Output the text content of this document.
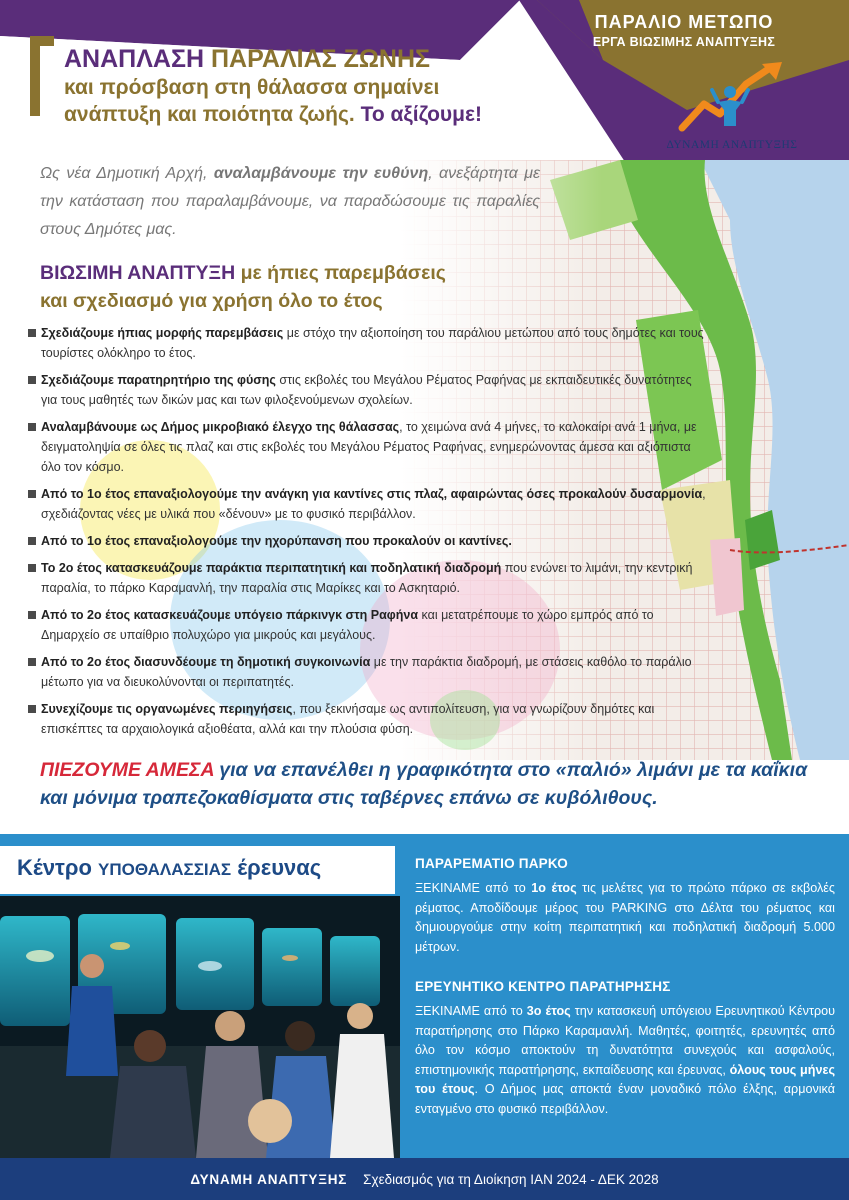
ΠΑΡΑΛΙΟ ΜΕΤΩΠΟ
ΕΡΓΑ ΒΙΩΣΙΜΗΣ ΑΝΑΠΤΥΞΗΣ
ΔΥΝΑΜΗ ΑΝΑΠΤΥΞΗΣ
ΑΝΑΠΛΑΣΗ ΠΑΡΑΛΙΑΣ ΖΩΝΗΣ
και πρόσβαση στη θάλασσα σημαίνει
ανάπτυξη και ποιότητα ζωής. Το αξίζουμε!
Ως νέα Δημοτική Αρχή, αναλαμβάνουμε την ευθύνη, ανεξάρτητα με την κατάσταση που παραλαμβάνουμε, να παραδώσουμε τις παραλίες στους Δημότες μας.
ΒΙΩΣΙΜΗ ΑΝΑΠΤΥΞΗ με ήπιες παρεμβάσεις
και σχεδιασμό για χρήση όλο το έτος
Σχεδιάζουμε ήπιας μορφής παρεμβάσεις με στόχο την αξιοποίηση του παράλιου μετώπου από τους δημότες και τους τουρίστες ολόκληρο το έτος.
Σχεδιάζουμε παρατηρητήριο της φύσης στις εκβολές του Μεγάλου Ρέματος Ραφήνας με εκπαιδευτικές δυνατότητες για τους μαθητές των δικών μας και των φιλοξενούμενων σχολείων.
Αναλαμβάνουμε ως Δήμος μικροβιακό έλεγχο της θάλασσας, το χειμώνα ανά 4 μήνες, το καλοκαίρι ανά 1 μήνα, με δειγματοληψία σε όλες τις πλαζ και στις εκβολές του Μεγάλου Ρέματος Ραφήνας, ενημερώνοντας άμεσα και αξιόπιστα όλο τον κόσμο.
Από το 1ο έτος επαναξιολογούμε την ανάγκη για καντίνες στις πλαζ, αφαιρώντας όσες προκαλούν δυσαρμονία, σχεδιάζοντας νέες με υλικά που «δένουν» με το φυσικό περιβάλλον.
Από το 1ο έτος επαναξιολογούμε την ηχορύπανση που προκαλούν οι καντίνες.
Το 2ο έτος κατασκευάζουμε παράκτια περιπατητική και ποδηλατική διαδρομή που ενώνει το λιμάνι, την κεντρική παραλία, το πάρκο Καραμανλή, την παραλία στις Μαρίκες και το Ασκηταριό.
Από το 2ο έτος κατασκευάζουμε υπόγειο πάρκινγκ στη Ραφήνα και μετατρέπουμε το χώρο εμπρός από το Δημαρχείο σε υπαίθριο πολυχώρο για μικρούς και μεγάλους.
Από το 2ο έτος διασυνδέουμε τη δημοτική συγκοινωνία με την παράκτια διαδρομή, με στάσεις καθόλο το παράλιο μέτωπο για να διευκολύνονται οι περιπατητές.
Συνεχίζουμε τις οργανωμένες περιηγήσεις, που ξεκινήσαμε ως αντιπολίτευση, για να γνωρίζουν δημότες και επισκέπτες τα αρχαιολογικά αξιοθέατα, αλλά και την πλούσια φύση.
ΠΙΕΖΟΥΜΕ ΑΜΕΣΑ για να επανέλθει η γραφικότητα στο «παλιό» λιμάνι με τα καΐκια και μόνιμα τραπεζοκαθίσματα στις ταβέρνες επάνω σε κυβόλιθους.
Κέντρο ΥΠΟΘΑΛΑΣΣΙΑΣ έρευνας	ΠΑΡΑΡΕΜΑΤΙΟ ΠΑΡΚΟ

ΞΕΚΙΝΑΜΕ από το 1ο έτος τις μελέτες για το πρώτο πάρκο σε εκβολές ρέματος. Αποδίδουμε μέρος του PARKING στο Δέλτα του ρέματος και δημιουργούμε στην κοίτη περιπατητική και ποδηλατική διαδρομή 5.000 μέτρων.

ΕΡΕΥΝΗΤΙΚΟ ΚΕΝΤΡΟ ΠΑΡΑΤΗΡΗΣΗΣ

ΞΕΚΙΝΑΜΕ από το 3ο έτος την κατασκευή υπόγειου Ερευνητικού Κέντρου παρατήρησης στο Πάρκο Καραμανλή. Μαθητές, φοιτητές, ερευνητές από όλο τον κόσμο αποκτούν τη δυνατότητα συνεχούς και ασφαλούς, επιστημονικής παρατήρησης, εκπαίδευσης και έρευνας, όλους τους μήνες του έτους. Ο Δήμος μας αποκτά έναν μοναδικό πόλο έλξης, αρμονικά ενταγμένο στο φυσικό περιβάλλον.

ΔΥΝΑΜΗ ΑΝΑΠΤΥΞΗΣ Σχεδιασμός για τη Διοίκηση ΙΑΝ 2024 - ΔΕΚ 2028
